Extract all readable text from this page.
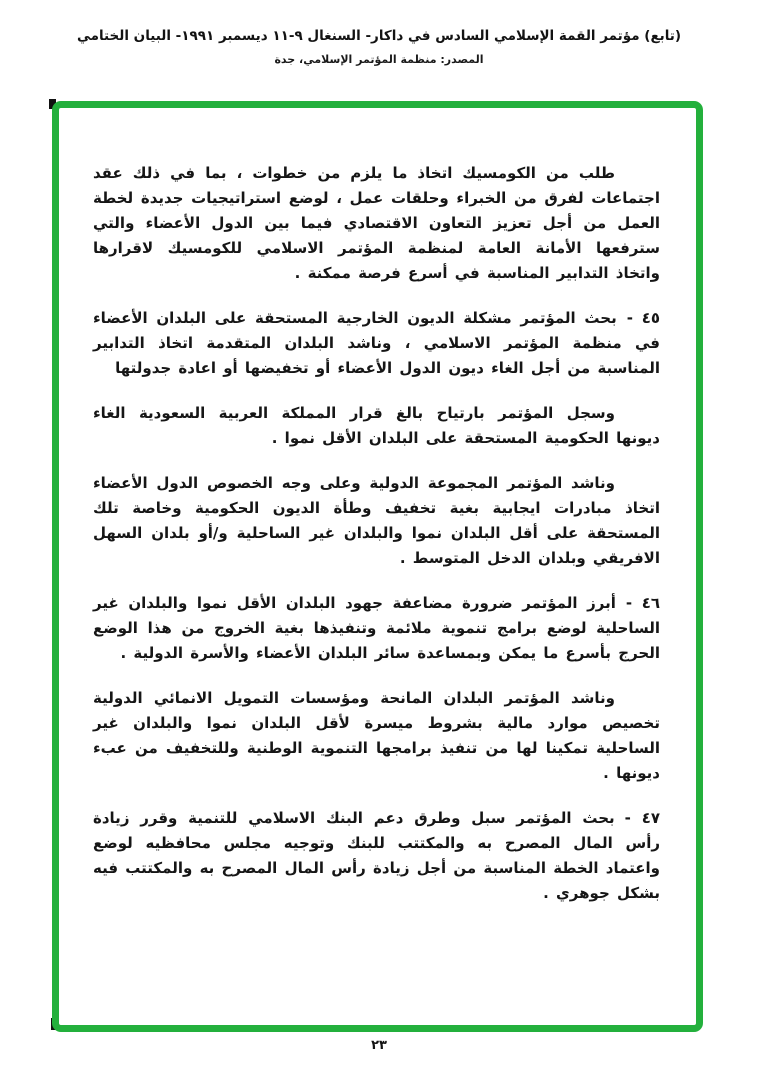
(تابع) مؤتمر القمة الإسلامي السادس في داكار- السنغال ٩-١١ ديسمبر ١٩٩١- البيان الختامي
المصدر: منظمة المؤتمر الإسلامي، جدة

طلب من الكومسيك اتخاذ ما يلزم من خطوات ، بما في ذلك عقد اجتماعات لفرق من الخبراء وحلقات عمل ، لوضع استراتيجيات جديدة لخطة العمل من أجل تعزيز التعاون الاقتصادي فيما بين الدول الأعضاء والتي سترفعها الأمانة العامة لمنظمة المؤتمر الاسلامي للكومسيك لاقرارها واتخاذ التدابير المناسبة في أسرع فرصة ممكنة .

٤٥ -بحث المؤتمر مشكلة الديون الخارجية المستحقة على البلدان الأعضاء في منظمة المؤتمر الاسلامي ، وناشد البلدان المتقدمة اتخاذ التدابير المناسبة من أجل الغاء ديون الدول الأعضاء أو تخفيضها أو اعادة جدولتها

وسجل المؤتمر بارتياح بالغ قرار المملكة العربية السعودية الغاء ديونها الحكومية المستحقة على البلدان الأقل نموا .

وناشد المؤتمر المجموعة الدولية وعلى وجه الخصوص الدول الأعضاء اتخاذ مبادرات ايجابية بغية تخفيف وطأة الديون الحكومية وخاصة تلك المستحقة على أقل البلدان نموا والبلدان غير الساحلية و/أو بلدان السهل الافريقي وبلدان الدخل المتوسط .

٤٦ -أبرز المؤتمر ضرورة مضاعفة جهود البلدان الأقل نموا والبلدان غير الساحلية لوضع برامج تنموية ملائمة وتنفيذها بغية الخروج من هذا الوضع الحرج بأسرع ما يمكن وبمساعدة سائر البلدان الأعضاء والأسرة الدولية .

وناشد المؤتمر البلدان المانحة ومؤسسات التمويل الانمائي الدولية تخصيص موارد مالية بشروط ميسرة لأقل البلدان نموا والبلدان غير الساحلية تمكينا لها من تنفيذ برامجها التنموية الوطنية وللتخفيف من عبء ديونها .

٤٧ -بحث المؤتمر سبل وطرق دعم البنك الاسلامي للتنمية وقرر زيادة رأس المال المصرح به والمكتتب للبنك وتوجيه مجلس محافظيه لوضع واعتماد الخطة المناسبة من أجل زيادة رأس المال المصرح به والمكتتب فيه بشكل جوهري .

٢٣
